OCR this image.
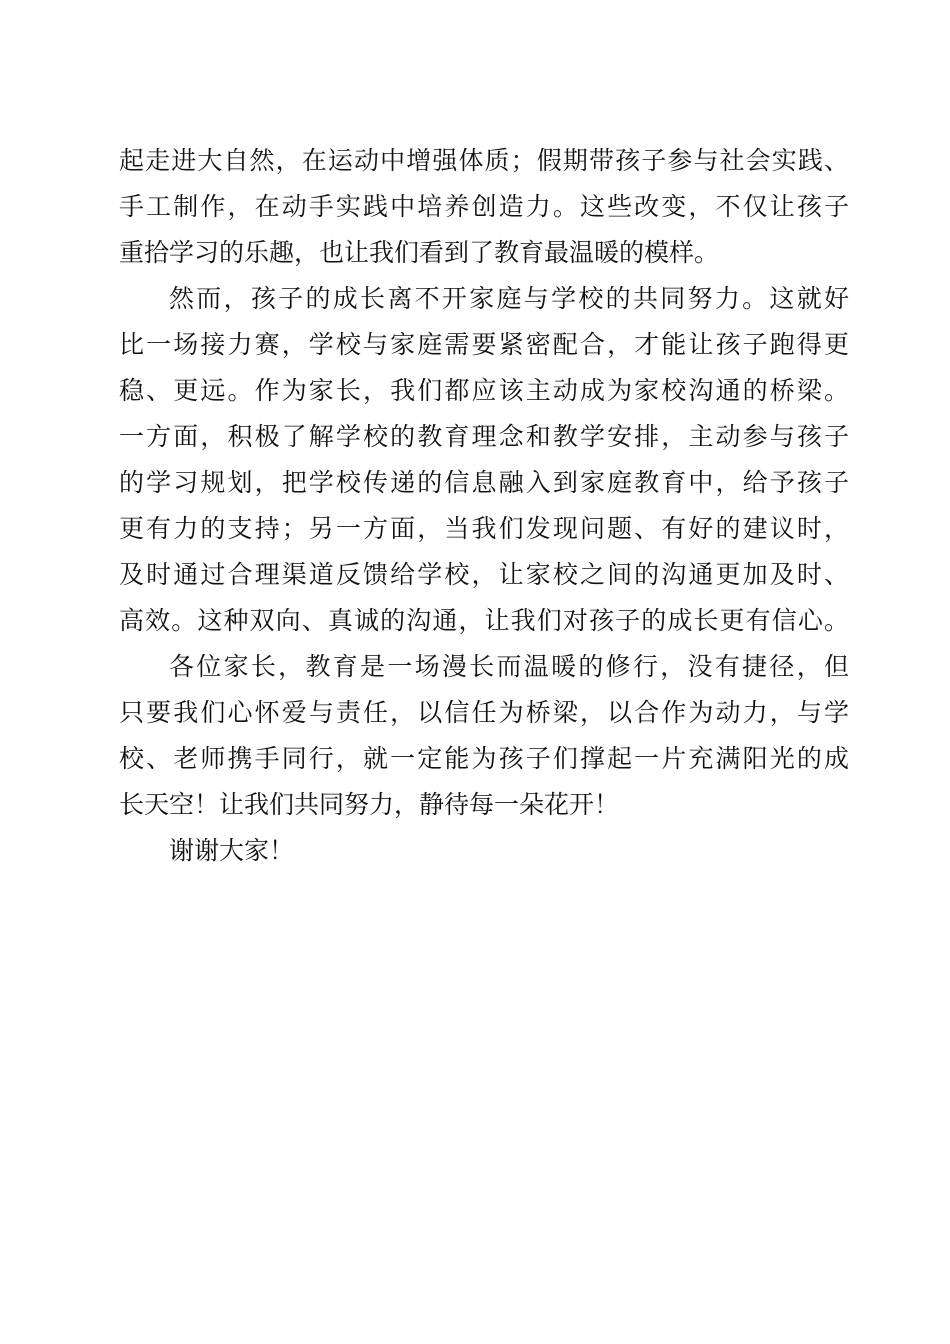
起走进大自然，在运动中增强体质；假期带孩子参与社会实践、
手工制作，在动手实践中培养创造力。这些改变，不仅让孩子
重拾学习的乐趣，也让我们看到了教育最温暖的模样。
然而，孩子的成长离不开家庭与学校的共同努力。这就好
比一场接力赛，学校与家庭需要紧密配合，才能让孩子跑得更
稳、更远。作为家长，我们都应该主动成为家校沟通的桥梁。
一方面，积极了解学校的教育理念和教学安排，主动参与孩子
的学习规划，把学校传递的信息融入到家庭教育中，给予孩子
更有力的支持；另一方面，当我们发现问题、有好的建议时，
及时通过合理渠道反馈给学校，让家校之间的沟通更加及时、
高效。这种双向、真诚的沟通，让我们对孩子的成长更有信心。
各位家长，教育是一场漫长而温暖的修行，没有捷径，但
只要我们心怀爱与责任，以信任为桥梁，以合作为动力，与学
校、老师携手同行，就一定能为孩子们撑起一片充满阳光的成
长天空！让我们共同努力，静待每一朵花开！
谢谢大家！
